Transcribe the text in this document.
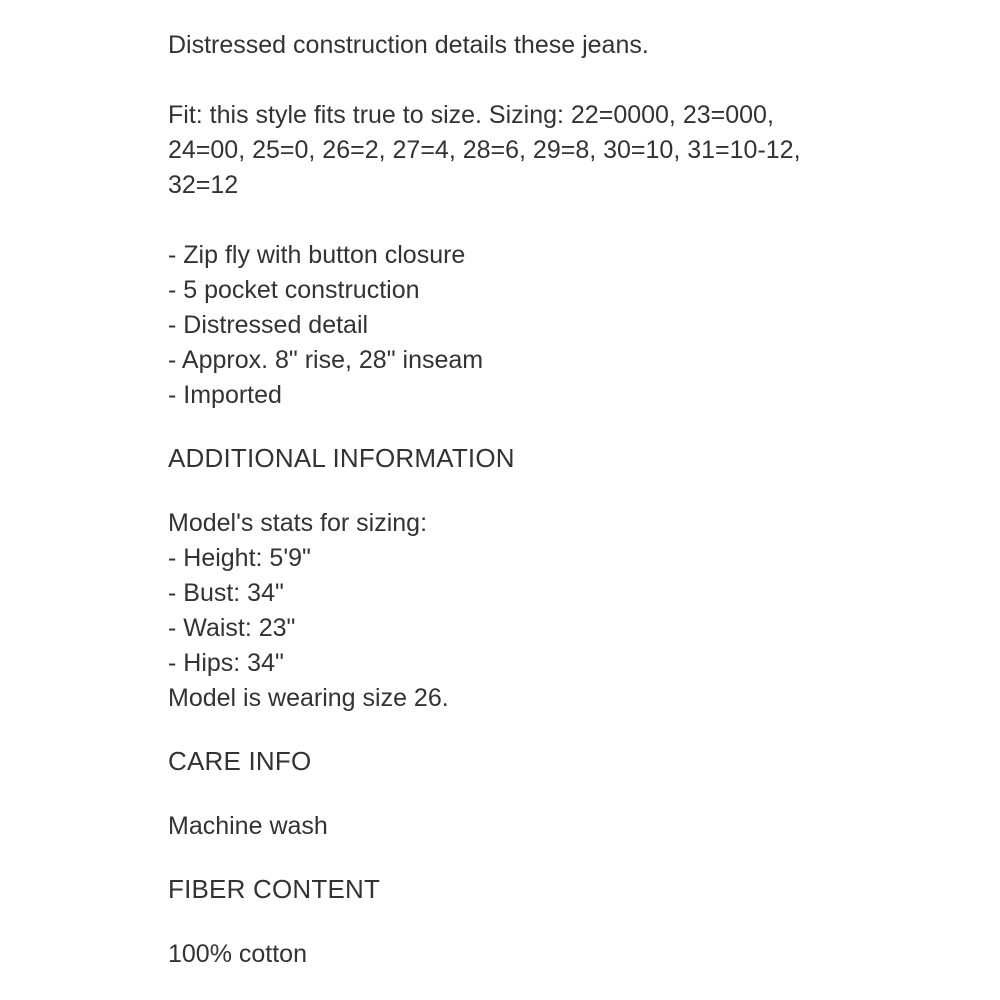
Distressed construction details these jeans.

Fit: this style fits true to size. Sizing: 22=0000, 23=000,

24=00, 25=0, 26=2, 27=4, 28=6, 29=8, 30=10, 31=10-12,

32=12

- Zip fly with button closure
- 5 pocket construction
- Distressed detail
- Approx. 8" rise, 28" inseam
- Imported
ADDITIONAL INFORMATION

Model's stats for sizing:

- Height: 5'9"
- Bust: 34"
- Waist: 23"
- Hips: 34"

Model is wearing size 26.

CARE INFO

Machine wash

FIBER CONTENT

100% cotton
